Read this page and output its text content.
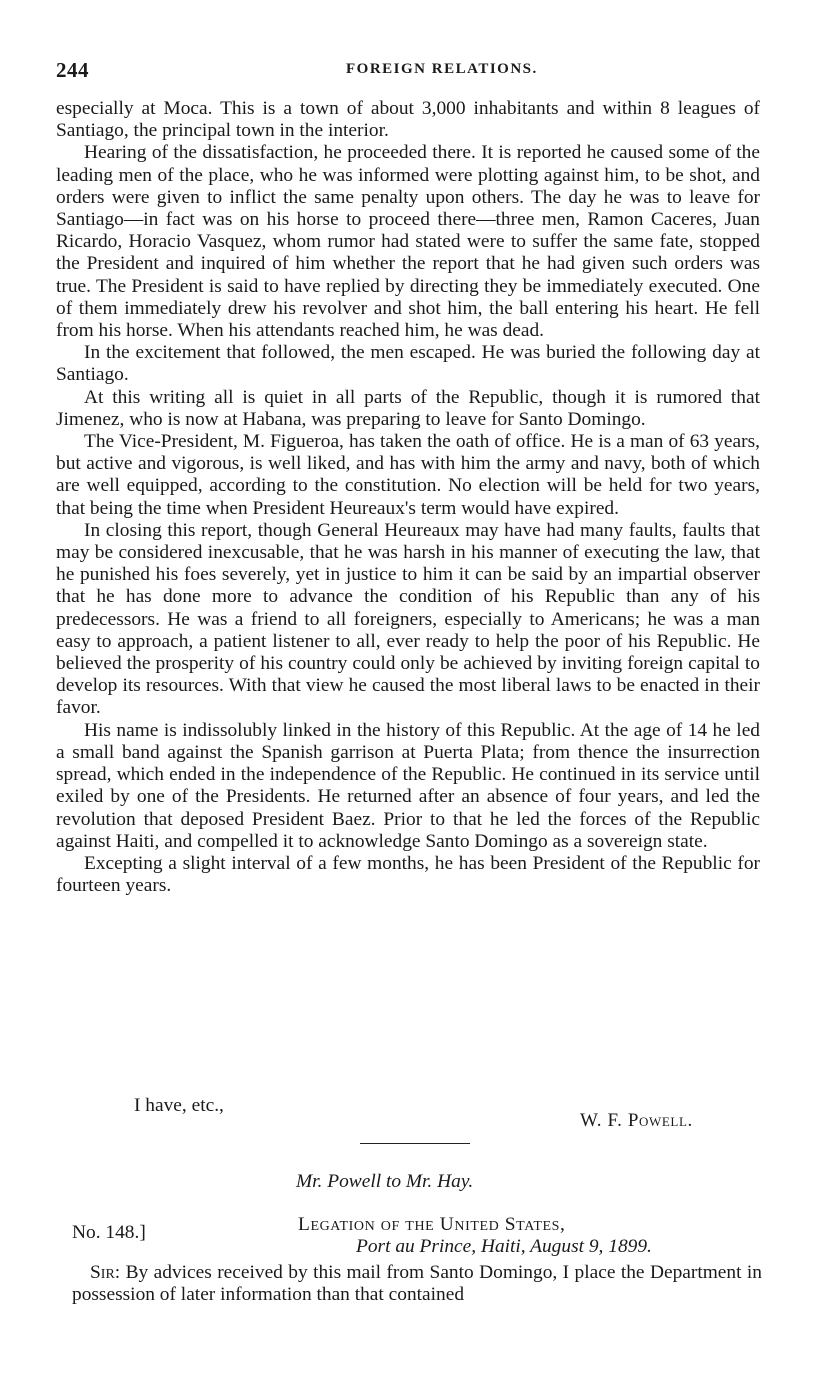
244	FOREIGN RELATIONS.

especially at Moca. This is a town of about 3,000 inhabitants and within 8 leagues of Santiago, the principal town in the interior.

Hearing of the dissatisfaction, he proceeded there. It is reported he caused some of the leading men of the place, who he was informed were plotting against him, to be shot, and orders were given to inflict the same penalty upon others. The day he was to leave for Santiago—in fact was on his horse to proceed there—three men, Ramon Caceres, Juan Ricardo, Horacio Vasquez, whom rumor had stated were to suffer the same fate, stopped the President and inquired of him whether the report that he had given such orders was true. The President is said to have replied by directing they be immediately executed. One of them immediately drew his revolver and shot him, the ball entering his heart. He fell from his horse. When his attendants reached him, he was dead.

In the excitement that followed, the men escaped. He was buried the following day at Santiago.

At this writing all is quiet in all parts of the Republic, though it is rumored that Jimenez, who is now at Habana, was preparing to leave for Santo Domingo.

The Vice-President, M. Figueroa, has taken the oath of office. He is a man of 63 years, but active and vigorous, is well liked, and has with him the army and navy, both of which are well equipped, according to the constitution. No election will be held for two years, that being the time when President Heureaux's term would have expired.

In closing this report, though General Heureaux may have had many faults, faults that may be considered inexcusable, that he was harsh in his manner of executing the law, that he punished his foes severely, yet in justice to him it can be said by an impartial observer that he has done more to advance the condition of his Republic than any of his predecessors. He was a friend to all foreigners, especially to Americans; he was a man easy to approach, a patient listener to all, ever ready to help the poor of his Republic. He believed the prosperity of his country could only be achieved by inviting foreign capital to develop its resources. With that view he caused the most liberal laws to be enacted in their favor.

His name is indissolubly linked in the history of this Republic. At the age of 14 he led a small band against the Spanish garrison at Puerta Plata; from thence the insurrection spread, which ended in the independence of the Republic. He continued in its service until exiled by one of the Presidents. He returned after an absence of four years, and led the revolution that deposed President Baez. Prior to that he led the forces of the Republic against Haiti, and compelled it to acknowledge Santo Domingo as a sovereign state.

Excepting a slight interval of a few months, he has been President of the Republic for fourteen years.

I have, etc.,
W. F. Powell.
Mr. Powell to Mr. Hay.
No. 148.]	Legation of the United States,
Port au Prince, Haiti, August 9, 1899.

Sir: By advices received by this mail from Santo Domingo, I place the Department in possession of later information than that contained
